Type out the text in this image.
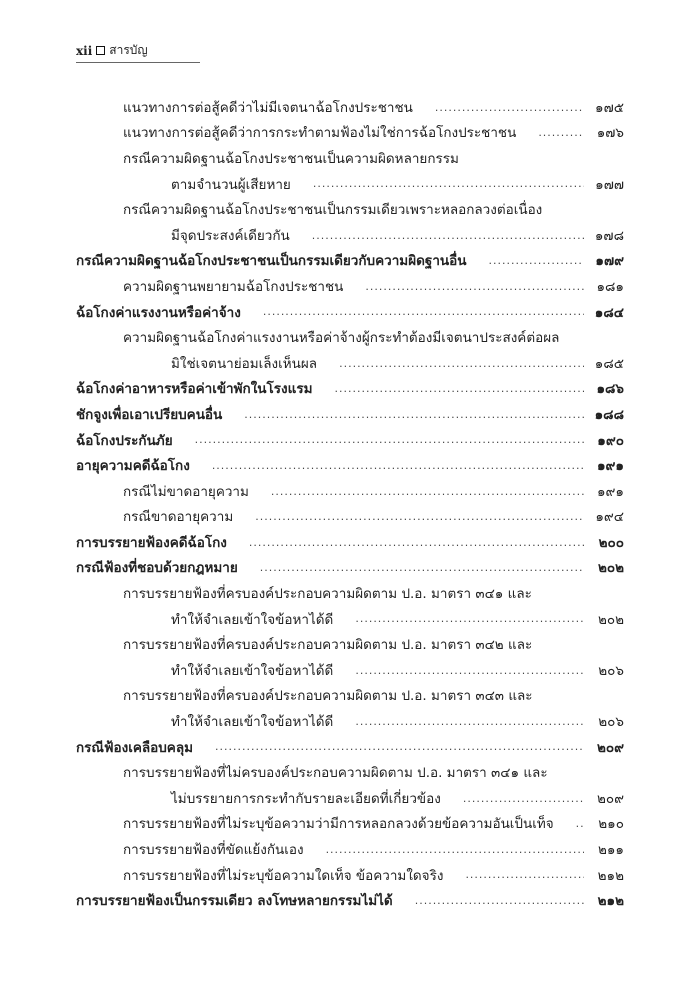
xii สารบัญ
แนวทางการต่อสู้คดีว่าไม่มีเจตนาฉ้อโกงประชาชน .....	๑๗๕
แนวทางการต่อสู้คดีว่าการกระทำตามฟ้องไม่ใช่การฉ้อโกงประชาชน .....	๑๗๖
กรณีความผิดฐานฉ้อโกงประชาชนเป็นความผิดหลายกรรม
ตามจำนวนผู้เสียหาย .....	๑๗๗
กรณีความผิดฐานฉ้อโกงประชาชนเป็นกรรมเดียวเพราะหลอกลวงต่อเนื่อง
มีจุดประสงค์เดียวกัน .....	๑๗๘
กรณีความผิดฐานฉ้อโกงประชาชนเป็นกรรมเดียวกับความผิดฐานอื่น .....	๑๗๙
ความผิดฐานพยายามฉ้อโกงประชาชน .....	๑๘๑
ฉ้อโกงค่าแรงงานหรือค่าจ้าง .....	๑๘๔
ความผิดฐานฉ้อโกงค่าแรงงานหรือค่าจ้างผู้กระทำต้องมีเจตนาประสงค์ต่อผล
มิใช่เจตนาย่อมเล็งเห็นผล .....	๑๘๕
ฉ้อโกงค่าอาหารหรือค่าเข้าพักในโรงแรม .....	๑๘๖
ชักจูงเพื่อเอาเปรียบคนอื่น .....	๑๘๘
ฉ้อโกงประกันภัย .....	๑๙๐
อายุความคดีฉ้อโกง .....	๑๙๑
กรณีไม่ขาดอายุความ .....	๑๙๑
กรณีขาดอายุความ .....	๑๙๔
การบรรยายฟ้องคดีฉ้อโกง .....	๒๐๐
กรณีฟ้องที่ชอบด้วยกฎหมาย .....	๒๐๒
การบรรยายฟ้องที่ครบองค์ประกอบความผิดตาม ป.อ. มาตรา ๓๔๑ และ
ทำให้จำเลยเข้าใจข้อหาได้ดี .....	๒๐๒
การบรรยายฟ้องที่ครบองค์ประกอบความผิดตาม ป.อ. มาตรา ๓๔๒ และ
ทำให้จำเลยเข้าใจข้อหาได้ดี .....	๒๐๖
การบรรยายฟ้องที่ครบองค์ประกอบความผิดตาม ป.อ. มาตรา ๓๔๓ และ
ทำให้จำเลยเข้าใจข้อหาได้ดี .....	๒๐๖
กรณีฟ้องเคลือบคลุม .....	๒๐๙
การบรรยายฟ้องที่ไม่ครบองค์ประกอบความผิดตาม ป.อ. มาตรา ๓๔๑ และ
ไม่บรรยายการกระทำกับรายละเอียดที่เกี่ยวข้อง .....	๒๐๙
การบรรยายฟ้องที่ไม่ระบุข้อความว่ามีการหลอกลวงด้วยข้อความอันเป็นเท็จ .....	๒๑๐
การบรรยายฟ้องที่ขัดแย้งกันเอง .....	๒๑๑
การบรรยายฟ้องที่ไม่ระบุข้อความใดเท็จ ข้อความใดจริง .....	๒๑๒
การบรรยายฟ้องเป็นกรรมเดียว ลงโทษหลายกรรมไม่ได้ .....	๒๑๒
